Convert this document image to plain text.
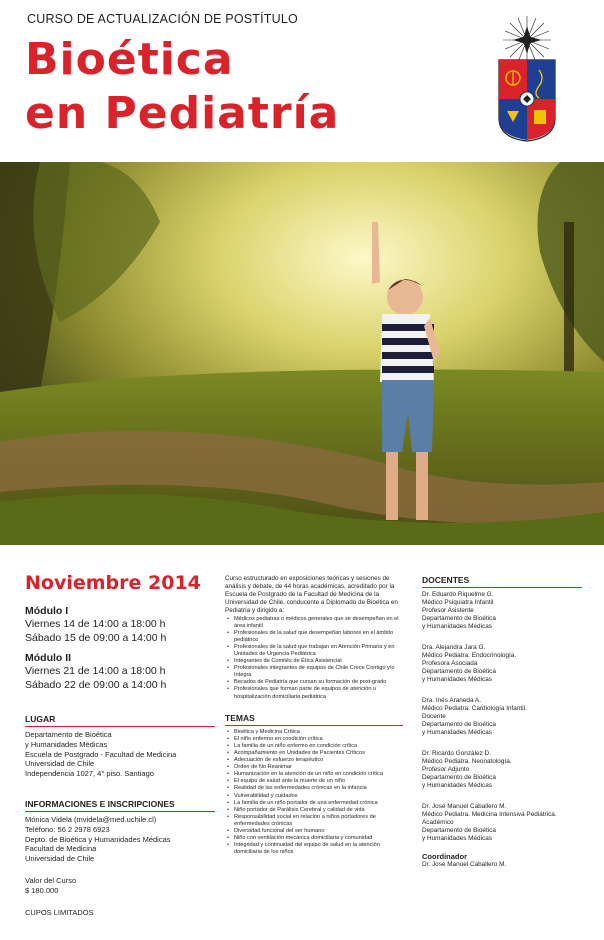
CURSO DE ACTUALIZACIÓN DE POSTÍTULO
Bioética
en Pediatría
Noviembre 2014
Módulo I
Viernes 14 de 14:00 a 18:00 h
Sábado 15 de 09:00 a 14:00 h
Módulo II
Viernes 21 de 14:00 a 18:00 h
Sábado 22 de 09:00 a 14:00 h
LUGAR
Departamento de Bioética
y Humanidades Médicas
Escuela de Postgrado - Facultad de Medicina
Universidad de Chile
Independencia 1027, 4° piso. Santiago
INFORMACIONES E INSCRIPCIONES
Mónica Videla (mvidela@med.uchile.cl)
Teléfono: 56 2 2978 6923
Depto. de Bioética y Humanidades Médicas
Facultad de Medicina
Universidad de Chile
Valor del Curso
$ 180.000
CUPOS LIMITADOS

Curso estructurado en exposiciones teóricas y sesiones de análisis y debate, de 44 horas académicas, acreditado por la Escuela de Postgrado de la Facultad de Medicina de la Universidad de Chile, conducente a Diplomado de Bioética en Pediatría y dirigido a:

• Médicos pediatras o médicos generales que se desempeñan en el área infantil
• Profesionales de la salud que desempeñan labores en el ámbito pediátrico
• Profesionales de la salud que trabajan en Atención Primaria y en Unidades de Urgencia Pediátrica
• Integrantes de Comités de Ética Asistencial
• Profesionales integrantes de equipos de Chile Crece Contigo y/o Integra
• Becados de Pediatría que cursan su formación de post-grado
• Profesionales que forman parte de equipos de atención u hospitalización domiciliaria pediátrica
TEMAS
• Bioética y Medicina Crítica
• El niño enfermo en condición crítica
• La familia de un niño enfermo en condición crítica
• Acompañamiento en Unidades de Pacientes Críticos
• Adecuación de esfuerzo terapéutico
• Orden de No Reanimar
• Humanización en la atención de un niño en condición crítica
• El equipo de salud ante la muerte de un niño
• Realidad de las enfermedades crónicas en la infancia
• Vulnerabilidad y cuidados
• La familia de un niño portador de una enfermedad crónica
• Niño portador de Parálisis Cerebral y calidad de vida
• Responsabilidad social en relación a niños portadores de enfermedades crónicas
• Diversidad funcional del ser humano
• Niño con ventilación mecánica domiciliaria y comunidad
• Integridad y continuidad del equipo de salud en la atención domiciliaria de los niños
DOCENTES
Dr. Eduardo Riquelme G.
Médico Psiquiatra Infantil
Profesor Asistente
Departamento de Bioética
y Humanidades Médicas
Dra. Alejandra Jara G.
Médico Pediatra. Endocrinología.
Profesora Asociada
Departamento de Bioética
y Humanidades Médicas
Dra. Inés Araneda A.
Médico Pediatra. Cardiología Infantil.
Docente
Departamento de Bioética
y Humanidades Médicas
Dr. Ricardo González D.
Médico Pediatra. Neonatología.
Profesor Adjunto
Departamento de Bioética
y Humanidades Médicas
Dr. José Manuel Caballero M.
Médico Pediatra. Medicina Intensiva Pediátrica.
Académico
Departamento de Bioética
y Humanidades Médicas
Coordinador
Dr. José Manuel Caballero M.
